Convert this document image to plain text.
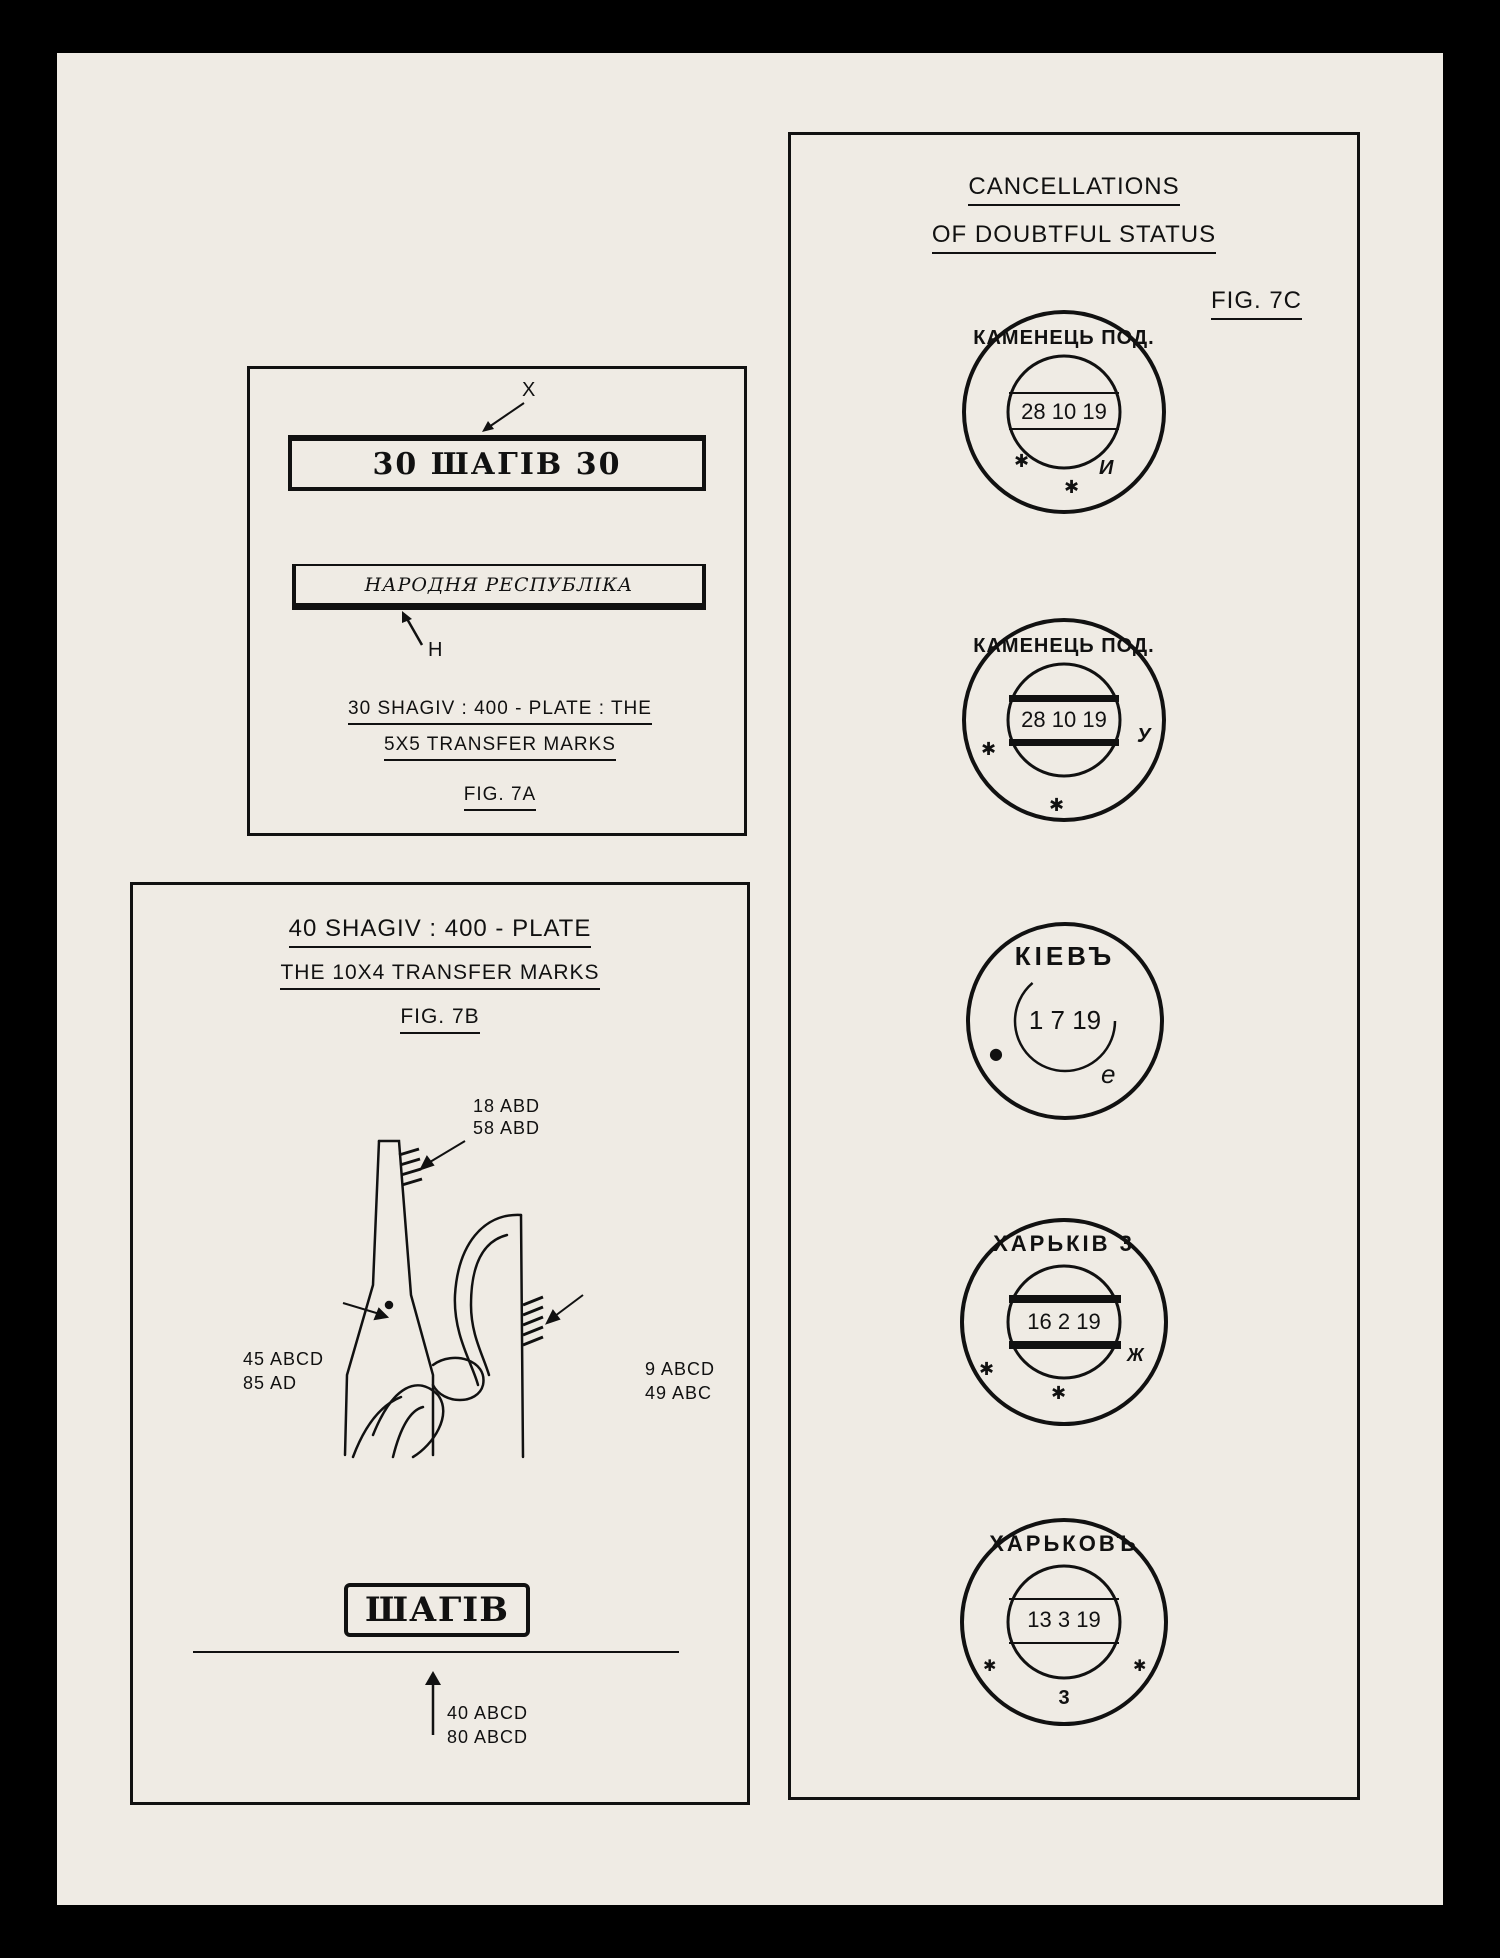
30 ШАГІВ 30
X
НАРОДНЯ РЕСПУБЛІКА
H
30 SHAGIV : 400 - PLATE : THE
5X5 TRANSFER MARKS
FIG. 7A
40 SHAGIV : 400 - PLATE
THE 10X4 TRANSFER MARKS
FIG. 7B
18 ABD
58 ABD
45 ABCD
85 AD
9 ABCD
49 ABC
ШАГІВ
40 ABCD
80 ABCD
CANCELLATIONS
OF DOUBTFUL STATUS
FIG. 7C
✱
✱
КАМЕНЕЦЬ ПОД.
28 10 19
И
✱
✱
КАМЕНЕЦЬ ПОД.
28 10 19
У
●
КІЕВЪ
1 7 19
е
✱
✱
ХАРЬКІВ 3
16 2 19
Ж
✱	✱
ХАРЬКОВЪ
13 3 19
3
